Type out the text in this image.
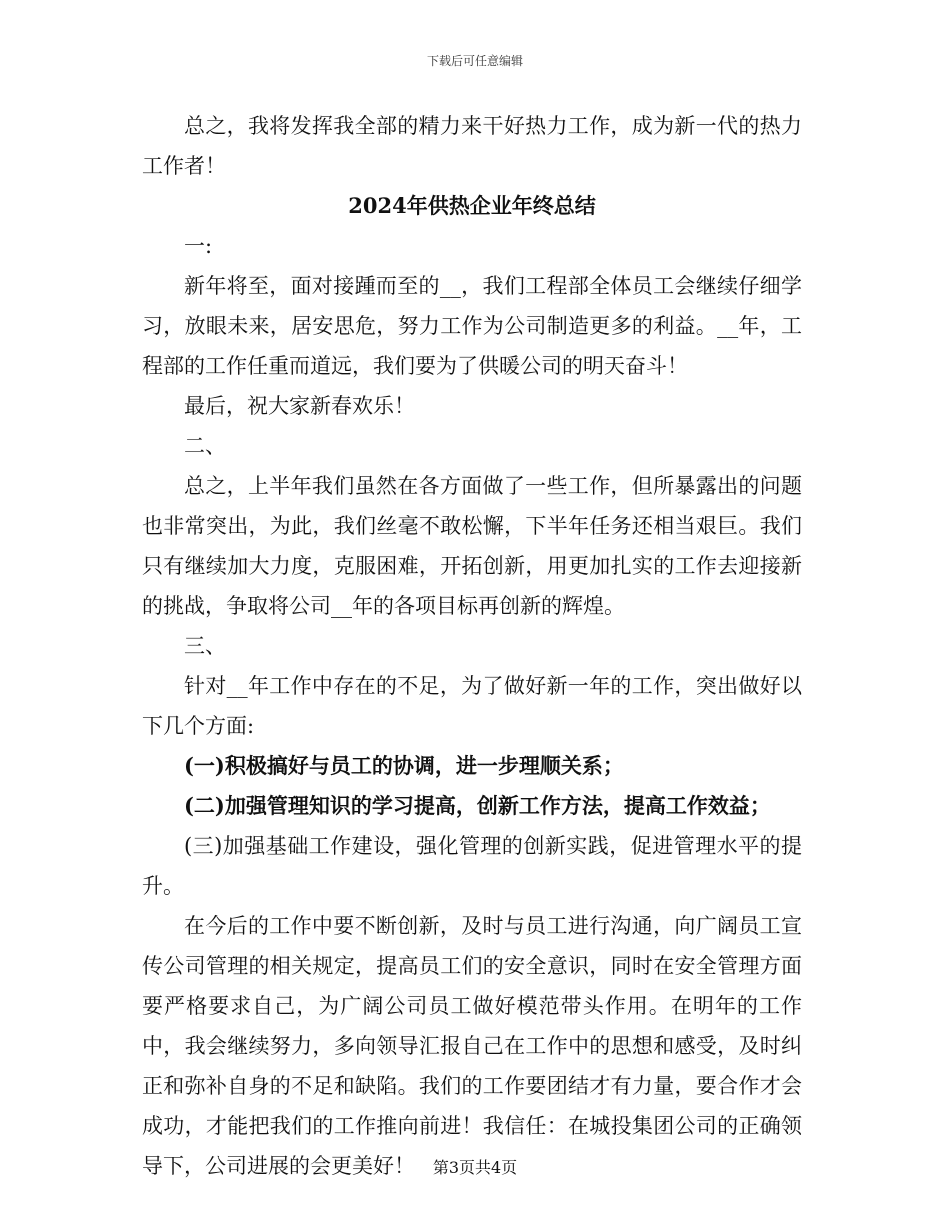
下载后可任意编辑

总之，我将发挥我全部的精力来干好热力工作，成为新一代的热力工作者！

2024年供热企业年终总结

一:

新年将至，面对接踵而至的__，我们工程部全体员工会继续仔细学习，放眼未来，居安思危，努力工作为公司制造更多的利益。__年，工程部的工作任重而道远，我们要为了供暖公司的明天奋斗！

最后，祝大家新春欢乐！

二、

总之，上半年我们虽然在各方面做了一些工作，但所暴露出的问题也非常突出，为此，我们丝毫不敢松懈，下半年任务还相当艰巨。我们只有继续加大力度，克服困难，开拓创新，用更加扎实的工作去迎接新的挑战，争取将公司__年的各项目标再创新的辉煌。

三、

针对__年工作中存在的不足，为了做好新一年的工作，突出做好以下几个方面:

(一)积极搞好与员工的协调，进一步理顺关系；

(二)加强管理知识的学习提高，创新工作方法，提高工作效益；

(三)加强基础工作建设，强化管理的创新实践，促进管理水平的提升。

在今后的工作中要不断创新，及时与员工进行沟通，向广阔员工宣传公司管理的相关规定，提高员工们的安全意识，同时在安全管理方面要严格要求自己，为广阔公司员工做好模范带头作用。在明年的工作中，我会继续努力，多向领导汇报自己在工作中的思想和感受，及时纠正和弥补自身的不足和缺陷。我们的工作要团结才有力量，要合作才会成功，才能把我们的工作推向前进！我信任：在城投集团公司的正确领导下，公司进展的会更美好！	第3页共4页
